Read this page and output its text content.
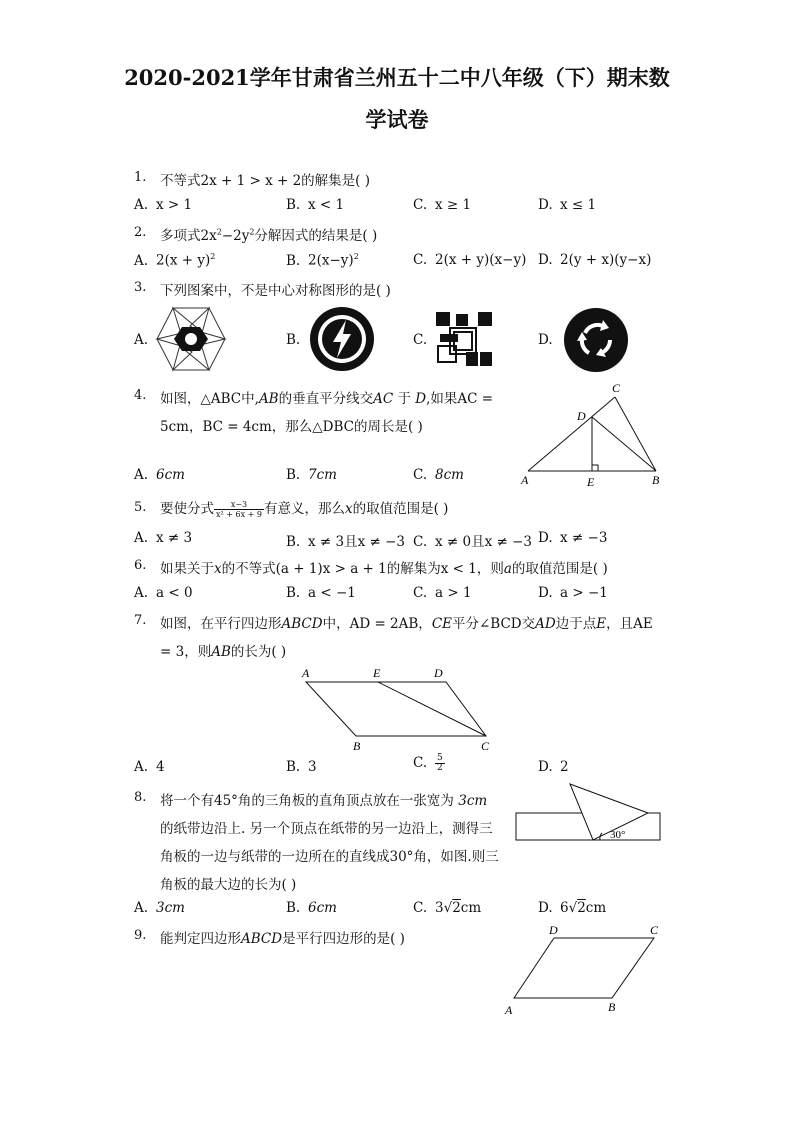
2020-2021学年甘肃省兰州五十二中八年级（下）期末数
学试卷
1. 不等式2x + 1 > x + 2的解集是( )
A. x > 1	B. x < 1	C. x ≥ 1	D. x ≤ 1
2. 多项式$2x^2-2y^2$分解因式的结果是( )
A. $2(x + y)^2$	B. $2(x-y)^2$	C. 2(x + y)(x−y) D. 2(y + x)(y−x)
3. 下列图案中，不是中心对称图形的是( )
A.	B.	C.	D.
4. 如图，△ABC中,AB的垂直平分线交AC 于 D,如果AC =
5cm，BC = 4cm，那么△DBC的周长是( )
A. 6cm	B. 7cm	C. 8cm
C
D
A	E	B
5. 要使分式 $\frac{x-3}{\text{x² + 6x + 9}}$ 有意义，那么x的取值范围是( )
A. x ≠ 3	B. x ≠ 3且x ≠ −3 C. x ≠ 0且x ≠ −3 D. x ≠ −3
6. 如果关于x的不等式(a + 1)x > a + 1的解集为x < 1，则a的取值范围是( )
A. a < 0	B. a < −1	C. a > 1	D. a > −1
7. 如图，在平行四边形ABCD中，AD = 2AB，CE平分∠BCD交AD边于点E，且AE
= 3，则AB的长为( )
A	E	D
B	C
A. 4	B. 3	C. $\frac{5}{2}$	D. 2
8. 将一个有45°角的三角板的直角顶点放在一张宽为 3cm
的纸带边沿上. 另一个顶点在纸带的另一边沿上，测得三
角板的一边与纸带的一边所在的直线成30°角，如图.则三
角板的最大边的长为( )
30°
A. 3cm	B. 6cm	C. 3√2cm	D. 6√2cm
9. 能判定四边形ABCD是平行四边形的是( )
D	C
A	B
